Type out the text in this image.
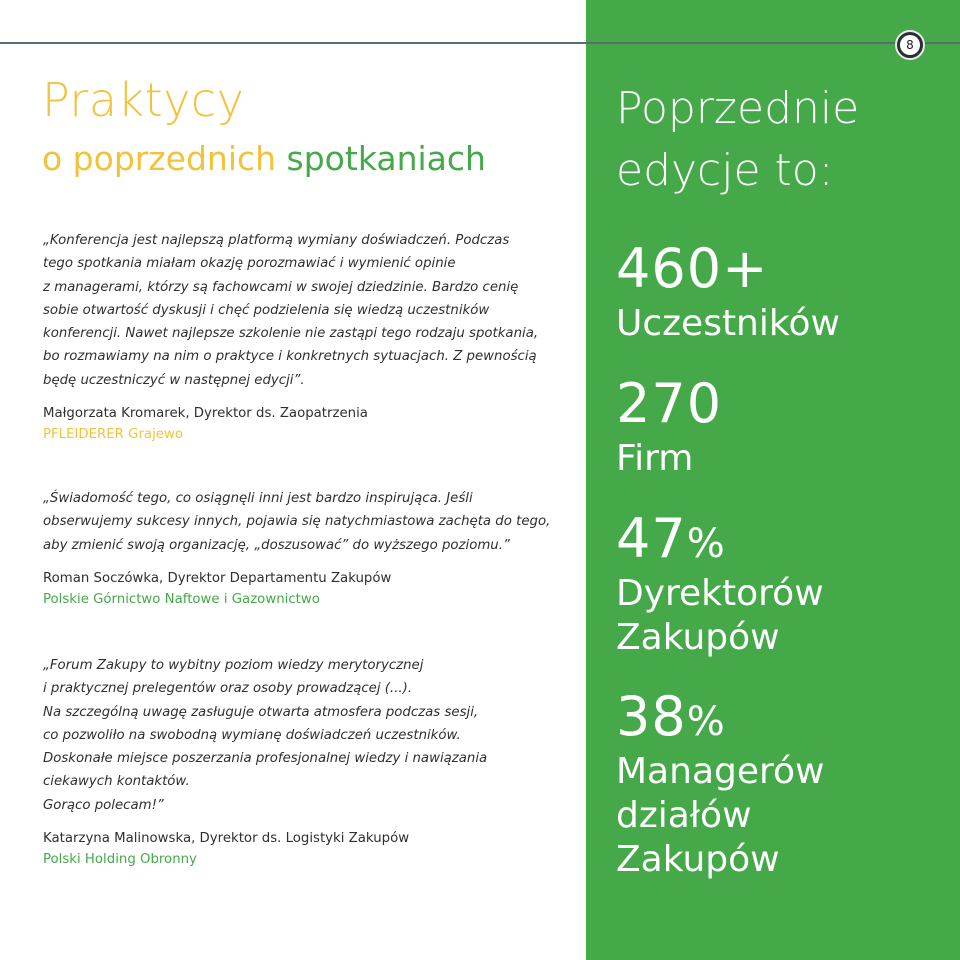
8
Praktycy
o poprzednich spotkaniach
„Konferencja jest najlepszą platformą wymiany doświadczeń. Podczas
tego spotkania miałam okazję porozmawiać i wymienić opinie
z managerami, którzy są fachowcami w swojej dziedzinie. Bardzo cenię
sobie otwartość dyskusji i chęć podzielenia się wiedzą uczestników
konferencji. Nawet najlepsze szkolenie nie zastąpi tego rodzaju spotkania,
bo rozmawiamy na nim o praktyce i konkretnych sytuacjach. Z pewnością
będę uczestniczyć w następnej edycji”.
Małgorzata Kromarek, Dyrektor ds. Zaopatrzenia
PFLEIDERER Grajewo
„Świadomość tego, co osiągnęli inni jest bardzo inspirująca. Jeśli
obserwujemy sukcesy innych, pojawia się natychmiastowa zachęta do tego,
aby zmienić swoją organizację, „doszusować” do wyższego poziomu.”
Roman Soczówka, Dyrektor Departamentu Zakupów
Polskie Górnictwo Naftowe i Gazownictwo
„Forum Zakupy to wybitny poziom wiedzy merytorycznej
i praktycznej prelegentów oraz osoby prowadzącej (...).
Na szczególną uwagę zasługuje otwarta atmosfera podczas sesji,
co pozwoliło na swobodną wymianę doświadczeń uczestników.
Doskonałe miejsce poszerzania profesjonalnej wiedzy i nawiązania
ciekawych kontaktów.
Gorąco polecam!”
Katarzyna Malinowska, Dyrektor ds. Logistyki Zakupów
Polski Holding Obronny
Poprzednie
edycje to:
460+
Uczestników
270
Firm
47%
Dyrektorów
Zakupów
38%
Managerów
działów
Zakupów
